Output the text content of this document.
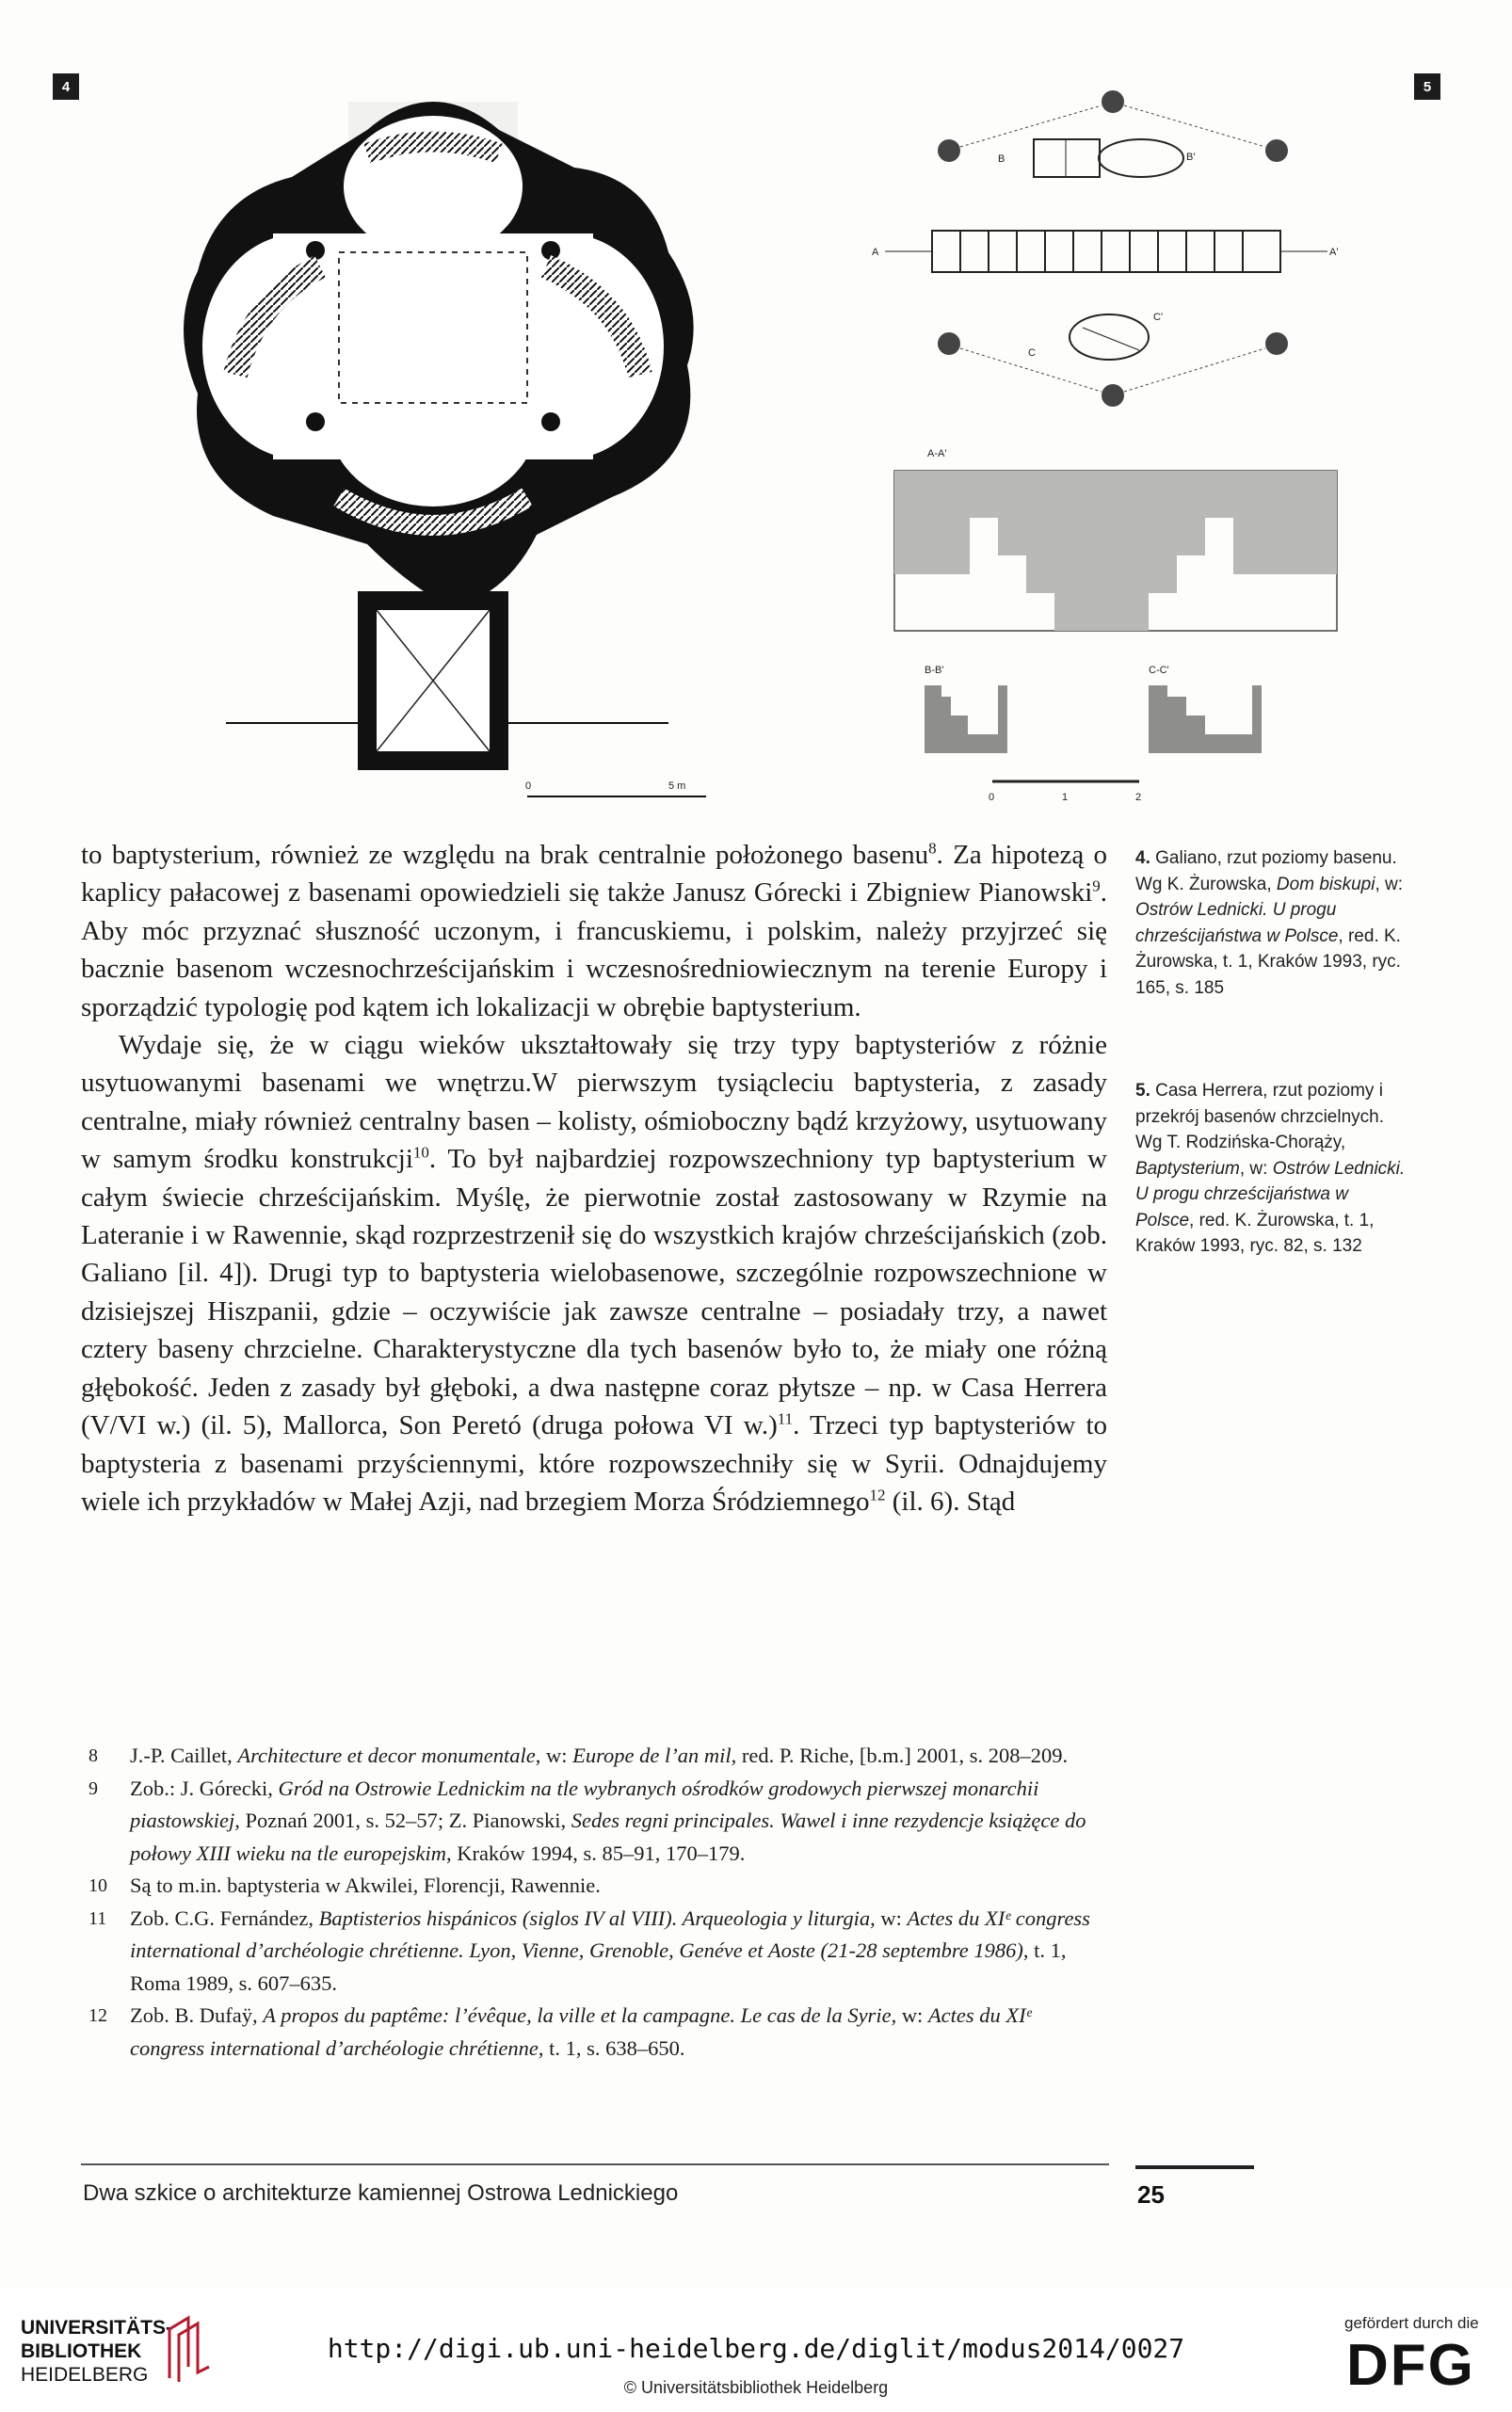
4	5
0	5 m
B	B'
A	A'
C
C'
A-A'
B-B'	C-C'
0	1	2

to baptysterium, również ze względu na brak centralnie położonego basenu$^8$. Za hipotezą o kaplicy pałacowej z basenami opowiedzieli się także Janusz Górecki i Zbigniew Pianowski$^9$. Aby móc przyznać słuszność uczonym, i francuskiemu, i polskim, należy przyjrzeć się bacznie basenom wczesnochrześcijańskim i wczesnośredniowiecznym na terenie Europy i sporządzić typologię pod kątem ich lokalizacji w obrębie baptysterium.

Wydaje się, że w ciągu wieków ukształtowały się trzy typy baptysteriów z różnie usytuowanymi basenami we wnętrzu.W pierwszym tysiącleciu baptysteria, z zasady centralne, miały również centralny basen – kolisty, ośmioboczny bądź krzyżowy, usytuowany w samym środku konstrukcji$^{10}$. To był najbardziej rozpowszechniony typ baptysterium w całym świecie chrześcijańskim. Myślę, że pierwotnie został zastosowany w Rzymie na Lateranie i w Rawennie, skąd rozprzestrzenił się do wszystkich krajów chrześcijańskich (zob. Galiano [il. 4]). Drugi typ to baptysteria wielobasenowe, szczególnie rozpowszechnione w dzisiejszej Hiszpanii, gdzie – oczywiście jak zawsze centralne – posiadały trzy, a nawet cztery baseny chrzcielne. Charakterystyczne dla tych basenów było to, że miały one różną głębokość. Jeden z zasady był głęboki, a dwa następne coraz płytsze – np. w Casa Herrera (V/VI w.) (il. 5), Mallorca, Son Peretó (druga połowa VI w.)$^{11}$. Trzeci typ baptysteriów to baptysteria z basenami przyściennymi, które rozpowszechniły się w Syrii. Odnajdujemy wiele ich przykładów w Małej Azji, nad brzegiem Morza Śródziemnego$^{12}$ (il. 6). Stąd

4. Galiano, rzut poziomy basenu. Wg K. Żurowska, Dom biskupi, w: Ostrów Lednicki. U progu chrześcijaństwa w Polsce, red. K. Żurowska, t. 1, Kraków 1993, ryc. 165, s. 185
5. Casa Herrera, rzut poziomy i przekrój basenów chrzcielnych. Wg T. Rodzińska-Chorąży, Baptysterium, w: Ostrów Lednicki. U progu chrześcijaństwa w Polsce, red. K. Żurowska, t. 1, Kraków 1993, ryc. 82, s. 132
8	J.-P. Caillet, Architecture et decor monumentale, w: Europe de l’an mil, red. P. Riche, [b.m.] 2001, s. 208–209.
9	Zob.: J. Górecki, Gród na Ostrowie Lednickim na tle wybranych ośrodków grodowych pierwszej monarchii piastowskiej, Poznań 2001, s. 52–57; Z. Pianowski, Sedes regni principales. Wawel i inne rezydencje książęce do połowy XIII wieku na tle europejskim, Kraków 1994, s. 85–91, 170–179.
10	Są to m.in. baptysteria w Akwilei, Florencji, Rawennie.
11	Zob. C.G. Fernández, Baptisterios hispánicos (siglos IV al VIII). Arqueologia y liturgia, w: Actes du XIᵉ congress international d’archéologie chrétienne. Lyon, Vienne, Grenoble, Genéve et Aoste (21-28 septembre 1986), t. 1, Roma 1989, s. 607–635.
12	Zob. B. Dufaÿ, A propos du paptême: l’évêque, la ville et la campagne. Le cas de la Syrie, w: Actes du XIᵉ congress international d’archéologie chrétienne, t. 1, s. 638–650.
Dwa szkice o architekturze kamiennej Ostrowa Lednickiego	25
UNIVERSITÄTS-
BIBLIOTHEK
HEIDELBERG
http://digi.ub.uni-heidelberg.de/diglit/modus2014/0027
© Universitätsbibliothek Heidelberg
gefördert durch die
DFG
